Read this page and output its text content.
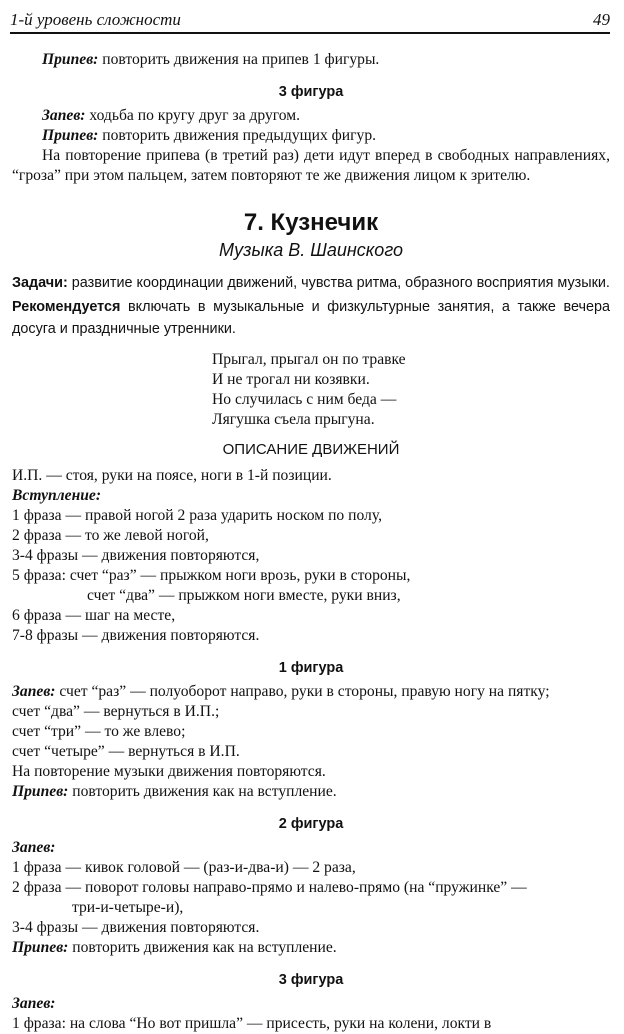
1-й уровень сложности	49

Припев: повторить движения на припев 1 фигуры.

3 фигура

Запев: ходьба по кругу друг за другом.

Припев: повторить движения предыдущих фигур.

На повторение припева (в третий раз) дети идут вперед в свободных направлениях, “гроза” при этом пальцем, затем повторяют те же движения лицом к зрителю.

7. Кузнечик
Музыка В. Шаинского

Задачи: развитие координации движений, чувства ритма, образного восприятия музыки.

Рекомендуется включать в музыкальные и физкультурные занятия, а также вечера досуга и праздничные утренники.

Прыгал, прыгал он по травке
И не трогал ни козявки.
Но случилась с ним беда —
Лягушка съела прыгуна.
ОПИСАНИЕ ДВИЖЕНИЙ

И.П. — стоя, руки на поясе, ноги в 1-й позиции.

Вступление:

1 фраза — правой ногой 2 раза ударить носком по полу,

2 фраза — то же левой ногой,

3-4 фразы — движения повторяются,

5 фраза: счет “раз” — прыжком ноги врозь, руки в стороны,

счет “два” — прыжком ноги вместе, руки вниз,

6 фраза — шаг на месте,

7-8 фразы — движения повторяются.

1 фигура

Запев: счет “раз” — полуоборот направо, руки в стороны, правую ногу на пятку;

счет “два” — вернуться в И.П.;

счет “три” — то же влево;

счет “четыре” — вернуться в И.П.

На повторение музыки движения повторяются.

Припев: повторить движения как на вступление.

2 фигура

Запев:

1 фраза — кивок головой — (раз-и-два-и) — 2 раза,

2 фраза — поворот головы направо-прямо и налево-прямо (на “пружинке” —

три-и-четыре-и),

3-4 фразы — движения повторяются.

Припев: повторить движения как на вступление.

3 фигура

Запев:

1 фраза: на слова “Но вот пришла” — присесть, руки на колени, локти в
